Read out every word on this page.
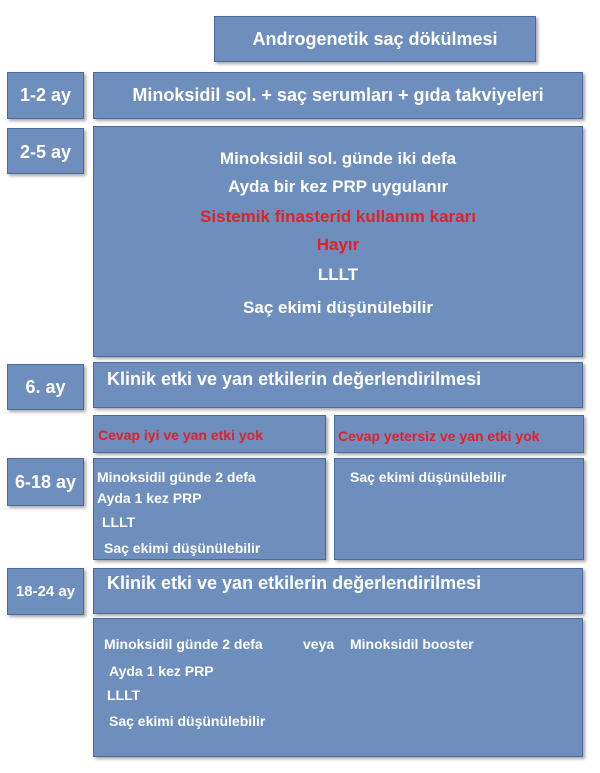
Androgenetik saç dökülmesi
1-2 ay	Minoksidil sol. + saç serumları + gıda takviyeleri
2-5 ay	Minoksidil sol. günde iki defa
Ayda bir kez PRP uygulanır
Sistemik finasterid kullanım kararı
Hayır
LLLT
Saç ekimi düşünülebilir
6. ay Klinik etki ve yan etkilerin değerlendirilmesi
Cevap iyi ve yan etki yok	Cevap yetersiz ve yan etki yok
6-18 ay Minoksidil günde 2 defa
Ayda 1 kez PRP
LLLT
Saç ekimi düşünülebilir
Saç ekimi düşünülebilir
18-24 ay Klinik etki ve yan etkilerin değerlendirilmesi
Minoksidil günde 2 defa	veya Minoksidil booster
Ayda 1 kez PRP
LLLT
Saç ekimi düşünülebilir
